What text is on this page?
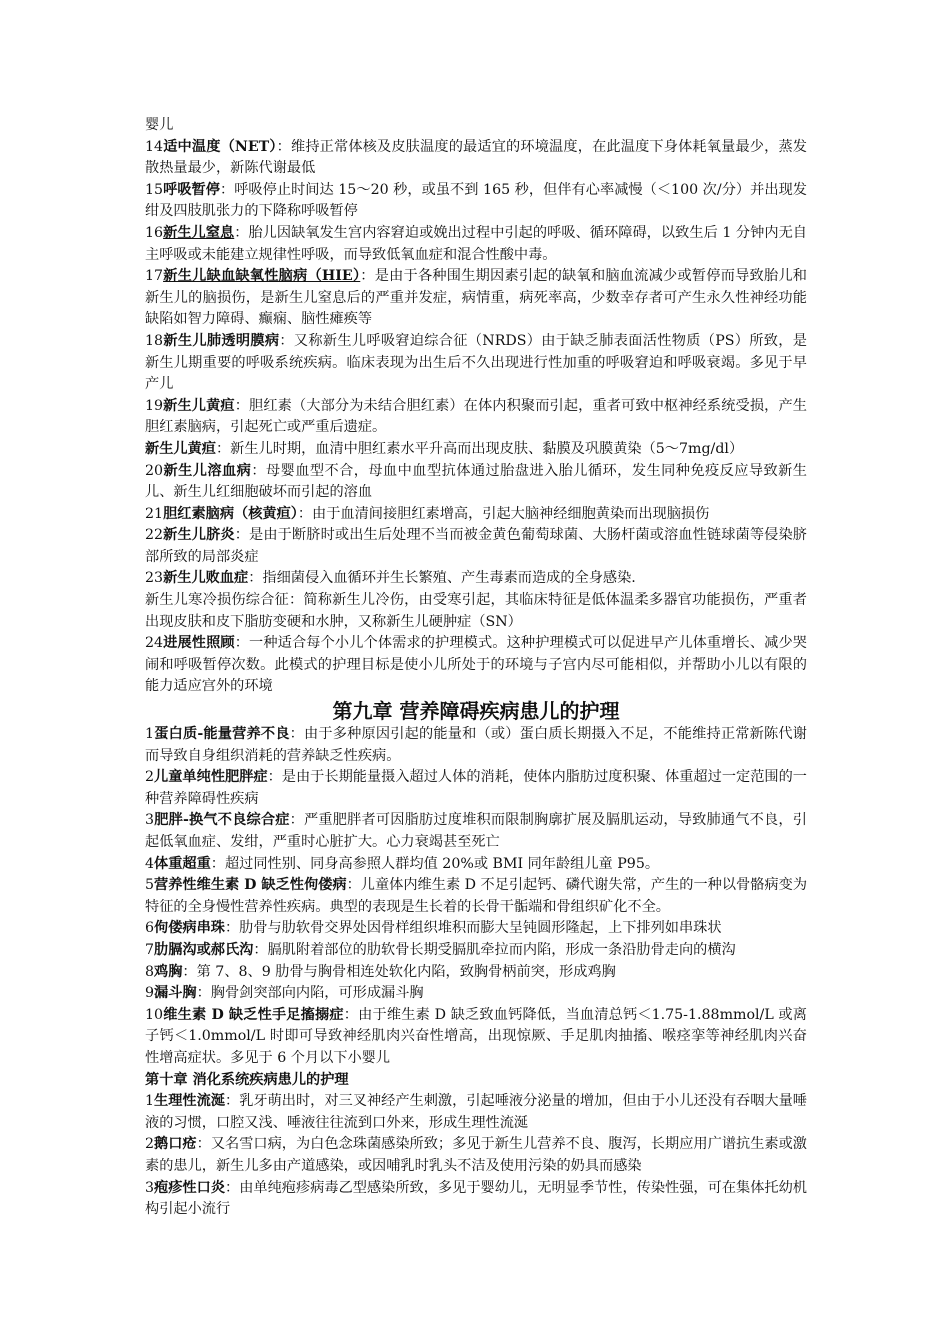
婴儿

14适中温度（NET）：维持正常体核及皮肤温度的最适宜的环境温度，在此温度下身体耗氧量最少，蒸发散热量最少，新陈代谢最低

15呼吸暂停：呼吸停止时间达 15～20 秒，或虽不到 165 秒，但伴有心率减慢（＜100 次/分）并出现发绀及四肢肌张力的下降称呼吸暂停

16新生儿窒息：胎儿因缺氧发生宫内容窘迫或娩出过程中引起的呼吸、循环障碍，以致生后 1 分钟内无自主呼吸或未能建立规律性呼吸，而导致低氧血症和混合性酸中毒。

17新生儿缺血缺氧性脑病（HIE）：是由于各种围生期因素引起的缺氧和脑血流减少或暂停而导致胎儿和新生儿的脑损伤，是新生儿窒息后的严重并发症，病情重，病死率高，少数幸存者可产生永久性神经功能缺陷如智力障碍、癫痫、脑性瘫痪等

18新生儿肺透明膜病：又称新生儿呼吸窘迫综合征（NRDS）由于缺乏肺表面活性物质（PS）所致，是新生儿期重要的呼吸系统疾病。临床表现为出生后不久出现进行性加重的呼吸窘迫和呼吸衰竭。多见于早产儿

19新生儿黄疸：胆红素（大部分为未结合胆红素）在体内积聚而引起，重者可致中枢神经系统受损，产生胆红素脑病，引起死亡或严重后遗症。

新生儿黄疸：新生儿时期，血清中胆红素水平升高而出现皮肤、黏膜及巩膜黄染（5～7mg/dl）

20新生儿溶血病：母婴血型不合，母血中血型抗体通过胎盘进入胎儿循环，发生同种免疫反应导致新生儿、新生儿红细胞破坏而引起的溶血

21胆红素脑病（核黄疸）：由于血清间接胆红素增高，引起大脑神经细胞黄染而出现脑损伤

22新生儿脐炎：是由于断脐时或出生后处理不当而被金黄色葡萄球菌、大肠杆菌或溶血性链球菌等侵染脐部所致的局部炎症

23新生儿败血症：指细菌侵入血循环并生长繁殖、产生毒素而造成的全身感染.

新生儿寒冷损伤综合征：简称新生儿冷伤，由受寒引起，其临床特征是低体温柔多器官功能损伤，严重者出现皮肤和皮下脂肪变硬和水肿，又称新生儿硬肿症（SN）

24进展性照顾：一种适合每个小儿个体需求的护理模式。这种护理模式可以促进早产儿体重增长、减少哭闹和呼吸暂停次数。此模式的护理目标是使小儿所处于的环境与子宫内尽可能相似，并帮助小儿以有限的能力适应宫外的环境

第九章 营养障碍疾病患儿的护理

1蛋白质-能量营养不良：由于多种原因引起的能量和（或）蛋白质长期摄入不足，不能维持正常新陈代谢而导致自身组织消耗的营养缺乏性疾病。

2儿童单纯性肥胖症：是由于长期能量摄入超过人体的消耗，使体内脂肪过度积聚、体重超过一定范围的一种营养障碍性疾病

3肥胖-换气不良综合症：严重肥胖者可因脂肪过度堆积而限制胸廓扩展及膈肌运动，导致肺通气不良，引起低氧血症、发绀，严重时心脏扩大。心力衰竭甚至死亡

4体重超重：超过同性别、同身高参照人群均值 20%或 BMI 同年龄组儿童 P95。

5营养性维生素 D 缺乏性佝偻病：儿童体内维生素 D 不足引起钙、磷代谢失常，产生的一种以骨骼病变为特征的全身慢性营养性疾病。典型的表现是生长着的长骨干骺端和骨组织矿化不全。

6佝偻病串珠：肋骨与肋软骨交界处因骨样组织堆积而膨大呈钝圆形隆起，上下排列如串珠状

7肋膈沟或郝氏沟：膈肌附着部位的肋软骨长期受膈肌牵拉而内陷，形成一条沿肋骨走向的横沟

8鸡胸：第 7、8、9 肋骨与胸骨相连处软化内陷，致胸骨柄前突，形成鸡胸

9漏斗胸：胸骨剑突部向内陷，可形成漏斗胸

10维生素 D 缺乏性手足搐搦症：由于维生素 D 缺乏致血钙降低，当血清总钙＜1.75-1.88mmol/L 或离子钙＜1.0mmol/L 时即可导致神经肌肉兴奋性增高，出现惊厥、手足肌肉抽搐、喉痉挛等神经肌肉兴奋性增高症状。多见于 6 个月以下小婴儿

第十章 消化系统疾病患儿的护理

1生理性流涎：乳牙萌出时，对三叉神经产生刺激，引起唾液分泌量的增加，但由于小儿还没有吞咽大量唾液的习惯，口腔又浅、唾液往往流到口外来，形成生理性流涎

2鹅口疮：又名雪口病，为白色念珠菌感染所致；多见于新生儿营养不良、腹泻，长期应用广谱抗生素或激素的患儿，新生儿多由产道感染，或因哺乳时乳头不洁及使用污染的奶具而感染

3疱疹性口炎：由单纯疱疹病毒乙型感染所致，多见于婴幼儿，无明显季节性，传染性强，可在集体托幼机构引起小流行
